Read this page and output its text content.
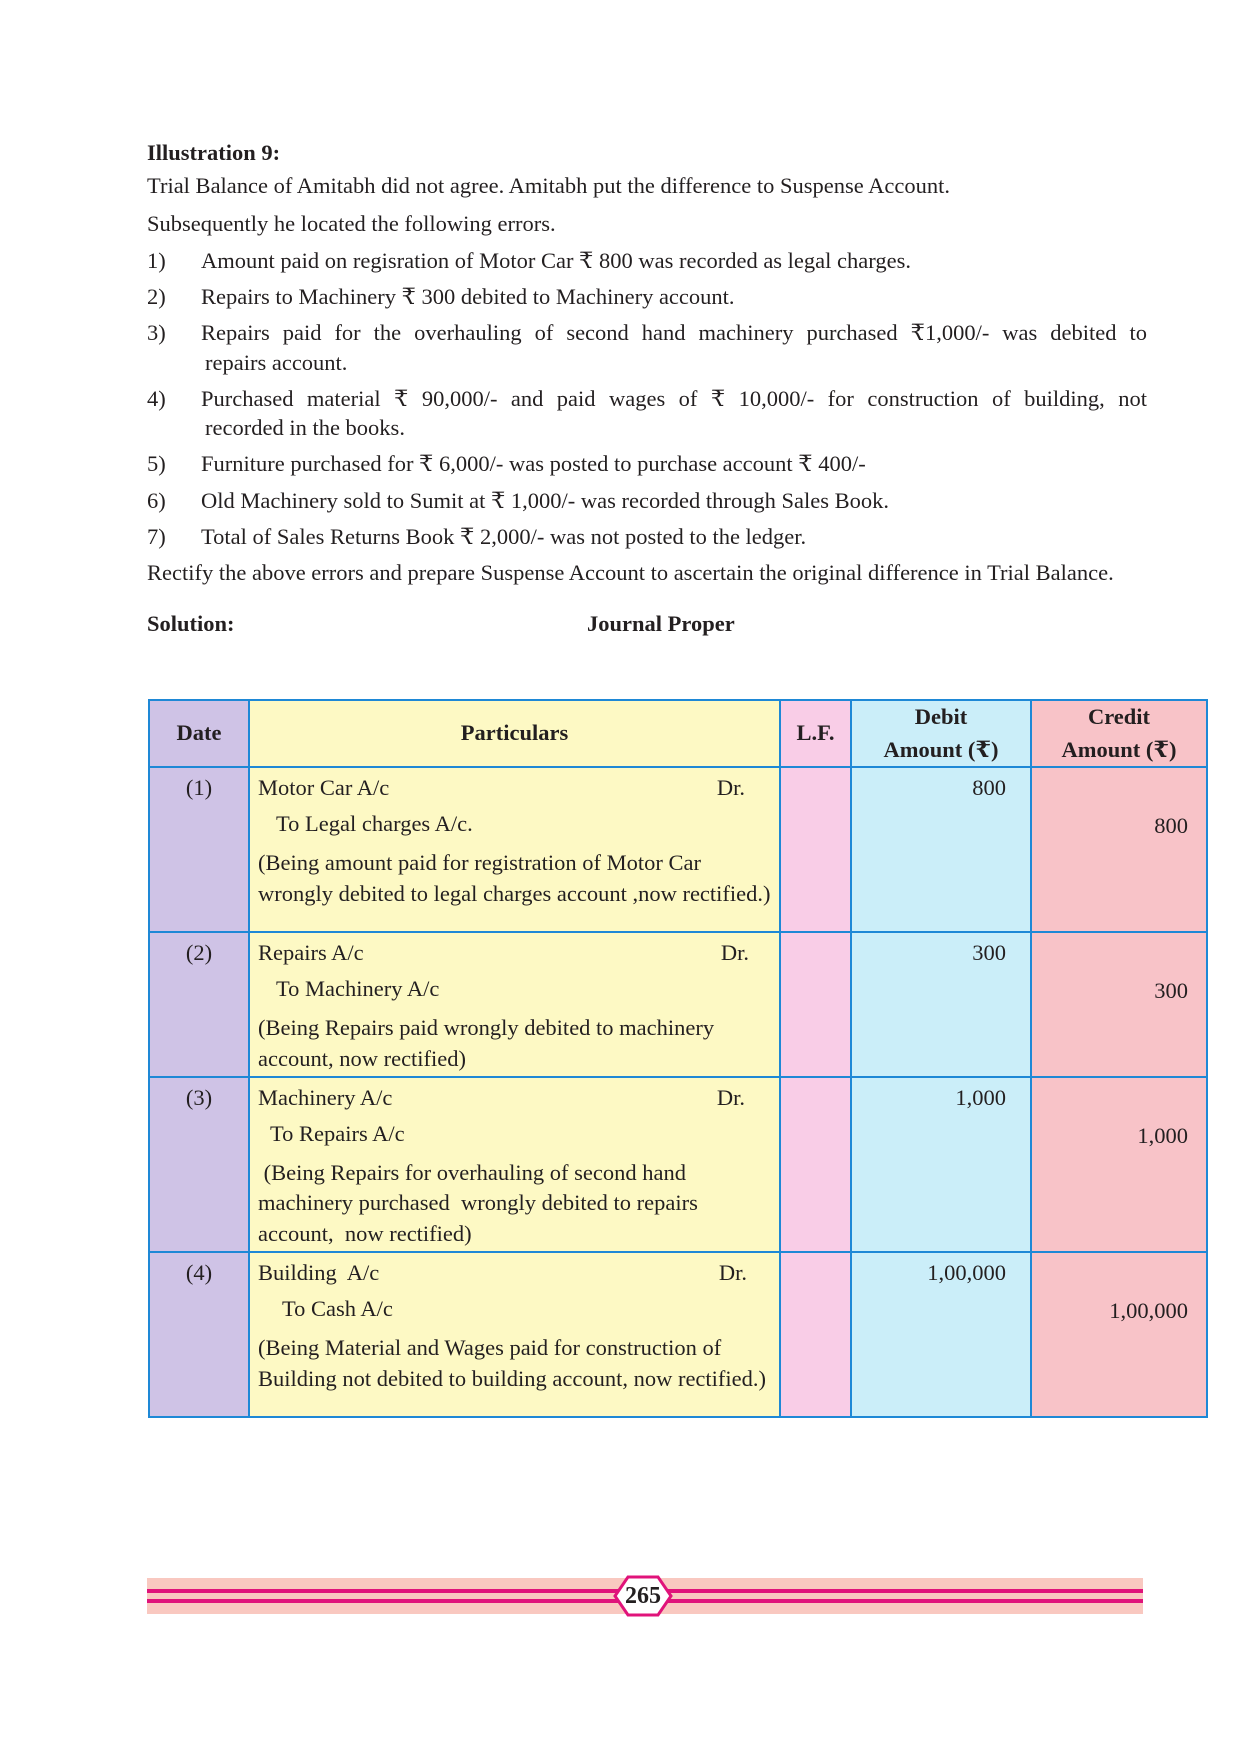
Illustration 9:
Trial Balance of Amitabh did not agree. Amitabh put the difference to Suspense Account.
Subsequently he located the following errors.
1)	Amount paid on regisration of Motor Car ₹ 800 was recorded as legal charges.
2)	Repairs to Machinery ₹ 300 debited to Machinery account.
3)	Repairs paid for the overhauling of second hand machinery purchased ₹1,000/- was debited to
repairs account.
4)	Purchased material ₹ 90,000/- and paid wages of ₹ 10,000/- for construction of building, not
recorded in the books.
5)	Furniture purchased for ₹ 6,000/- was posted to purchase account ₹ 400/-
6)	Old Machinery sold to Sumit at ₹ 1,000/- was recorded through Sales Book.
7)	Total of Sales Returns Book ₹ 2,000/- was not posted to the ledger.
Rectify the above errors and prepare Suspense Account to ascertain the original difference in Trial Balance.
Solution:	Journal Proper
Date	Particulars	L.F.	Debit
Amount (₹)	Credit
Amount (₹)
(1)	Motor Car A/c Dr.
To Legal charges A/c.
(Being amount paid for registration of Motor Car wrongly debited to legal charges account ,now rectified.)		800	800

(2)	Repairs A/c Dr.
To Machinery A/c
(Being Repairs paid wrongly debited to machinery account, now rectified)		300	300

(3)	Machinery A/c Dr.
To Repairs A/c
(Being Repairs for overhauling of second hand machinery purchased  wrongly debited to repairs account,  now rectified)		1,000	1,000

(4)	Building  A/c Dr.
To Cash A/c
(Being Material and Wages paid for construction of Building not debited to building account, now rectified.)		1,00,000	1,00,000
265
